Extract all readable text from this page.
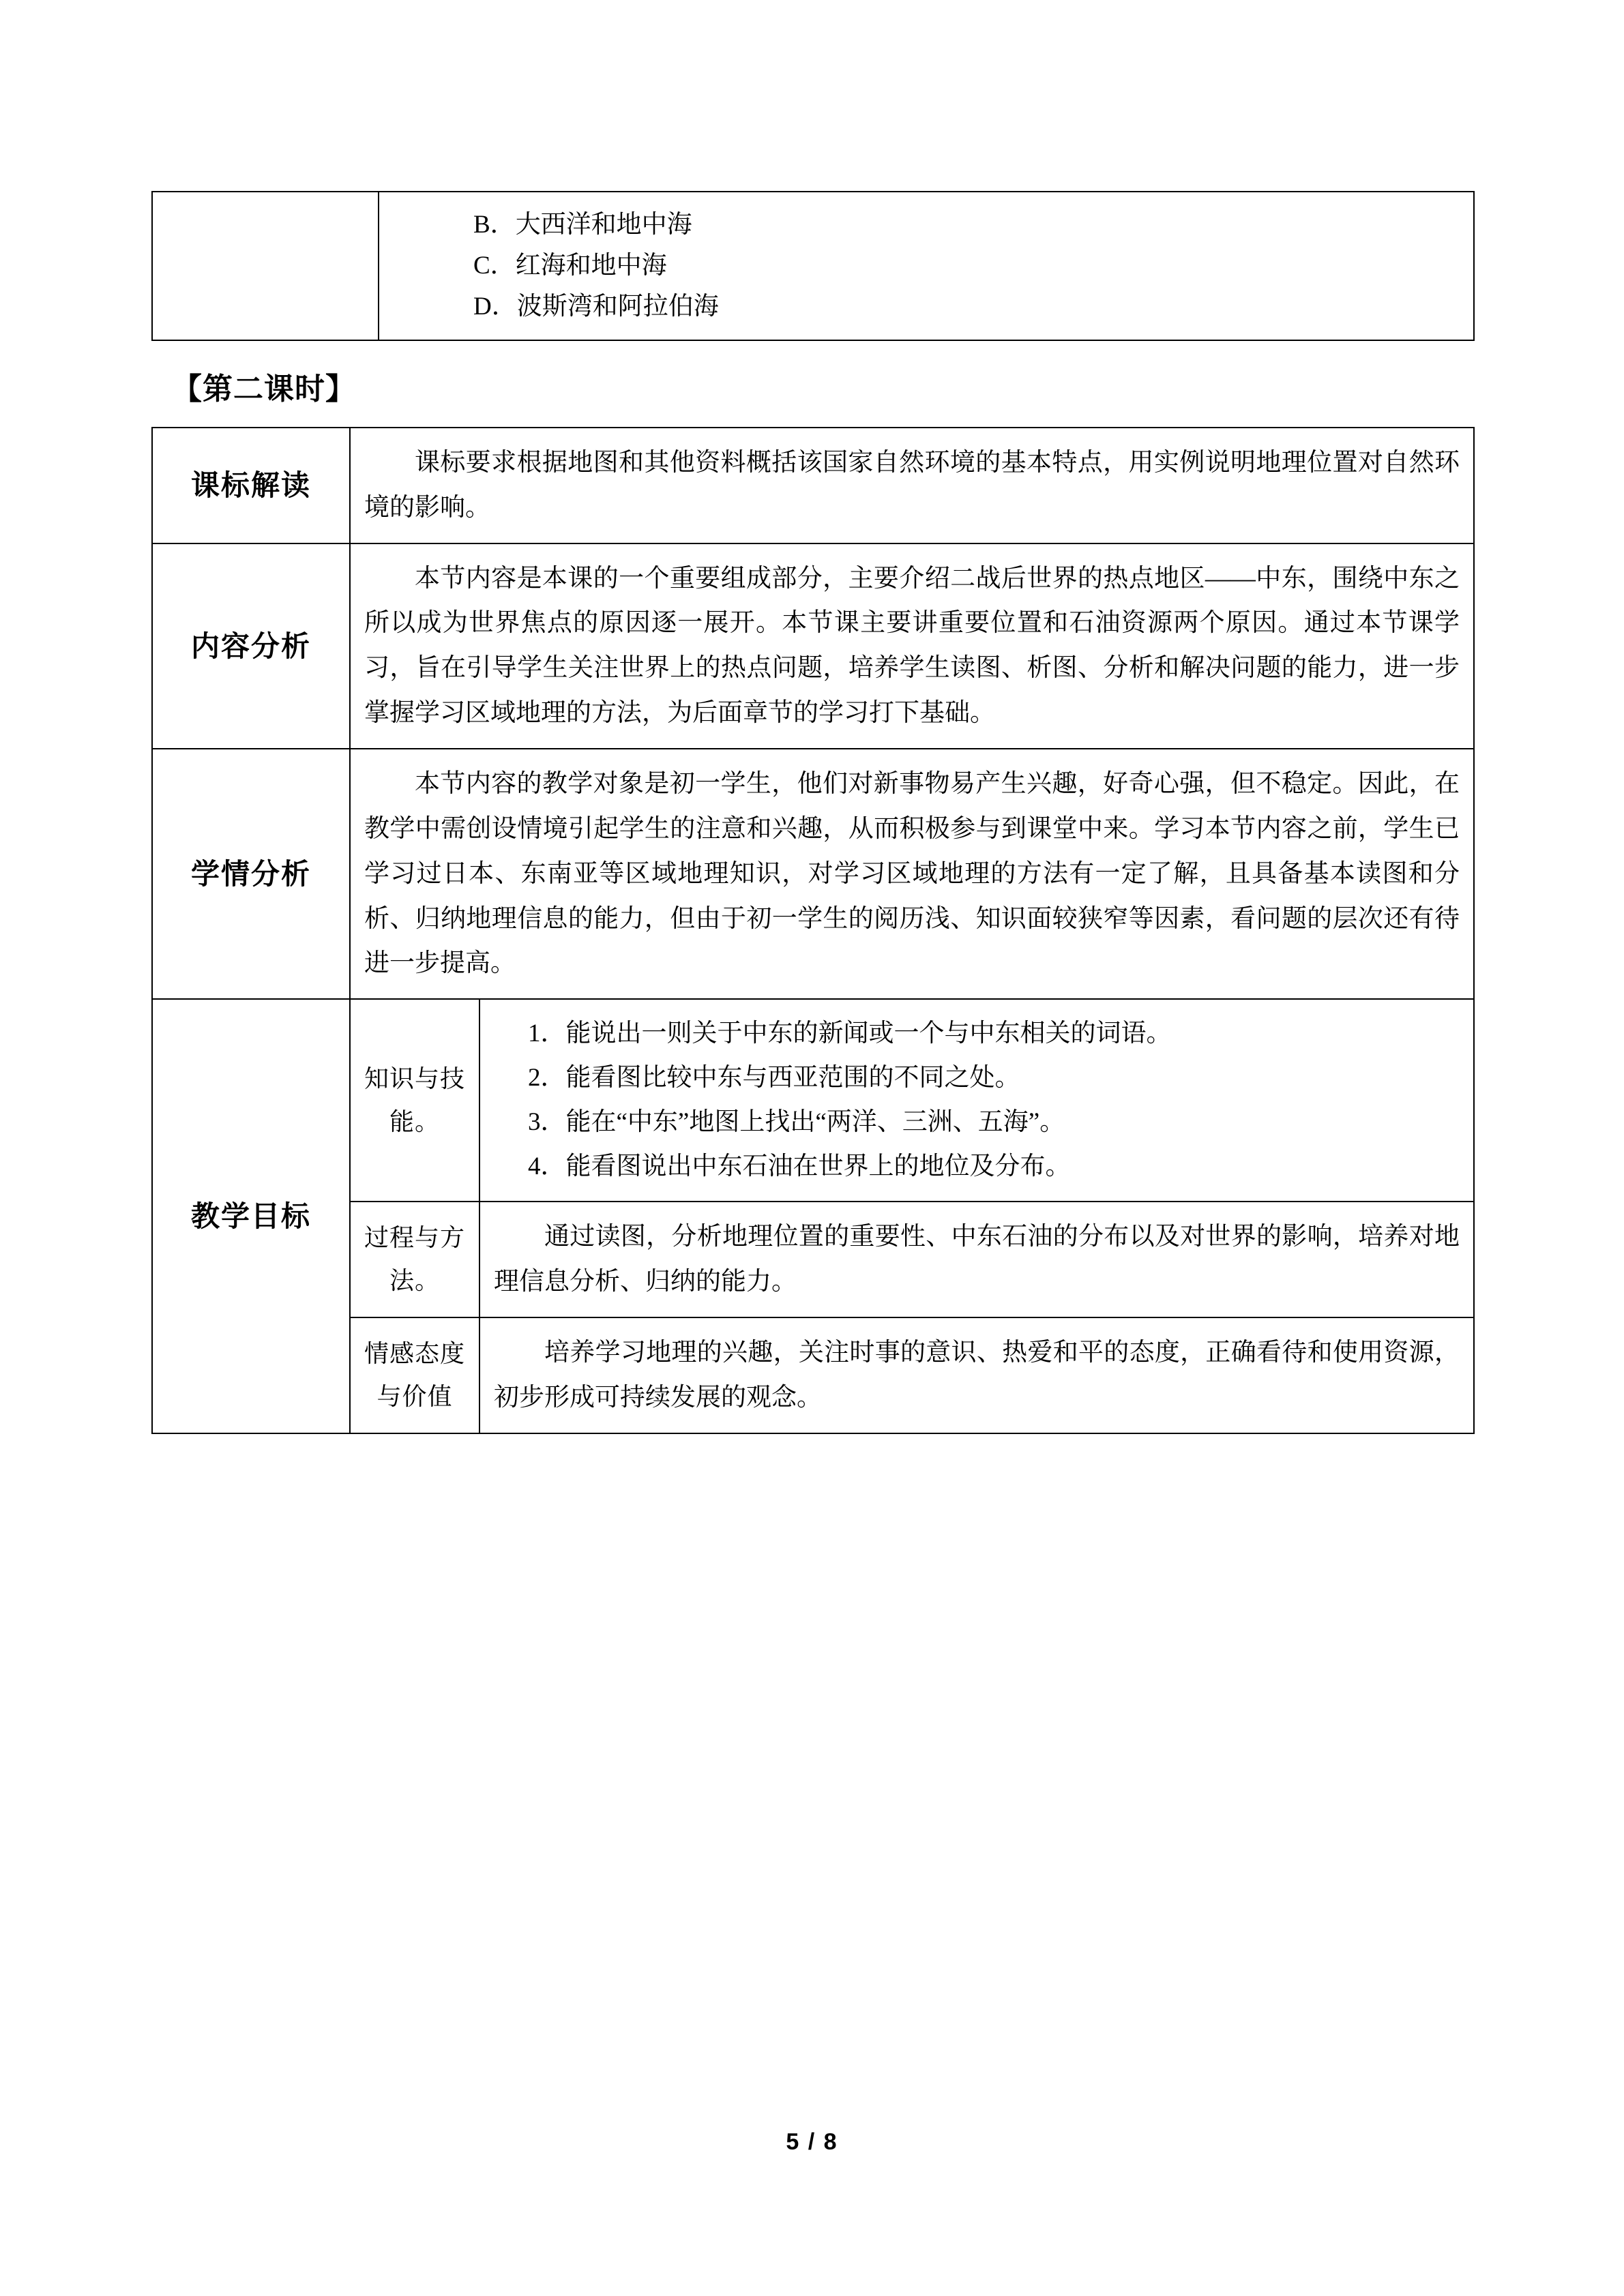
B．大西洋和地中海
C．红海和地中海
D．波斯湾和阿拉伯海
【第二课时】
课标解读	课标要求根据地图和其他资料概括该国家自然环境的基本特点，用实例说明地理位置对自然环境的影响。	
内容分析	本节内容是本课的一个重要组成部分，主要介绍二战后世界的热点地区——中东，围绕中东之所以成为世界焦点的原因逐一展开。本节课主要讲重要位置和石油资源两个原因。通过本节课学习，旨在引导学生关注世界上的热点问题，培养学生读图、析图、分析和解决问题的能力，进一步掌握学习区域地理的方法，为后面章节的学习打下基础。	
学情分析	本节内容的教学对象是初一学生，他们对新事物易产生兴趣，好奇心强，但不稳定。因此，在教学中需创设情境引起学生的注意和兴趣，从而积极参与到课堂中来。学习本节内容之前，学生已学习过日本、东南亚等区域地理知识，对学习区域地理的方法有一定了解，且具备基本读图和分析、归纳地理信息的能力，但由于初一学生的阅历浅、知识面较狭窄等因素，看问题的层次还有待进一步提高。	
教学目标	知识与技能。	1．能说出一则关于中东的新闻或一个与中东相关的词语。
2．能看图比较中东与西亚范围的不同之处。
3．能在“中东”地图上找出“两洋、三洲、五海”。
4．能看图说出中东石油在世界上的地位及分布。

	过程与方法。	通过读图，分析地理位置的重要性、中东石油的分布以及对世界的影响，培养对地理信息分析、归纳的能力。
	情感态度与价值	培养学习地理的兴趣，关注时事的意识、热爱和平的态度，正确看待和使用资源，初步形成可持续发展的观念。
5 / 8
